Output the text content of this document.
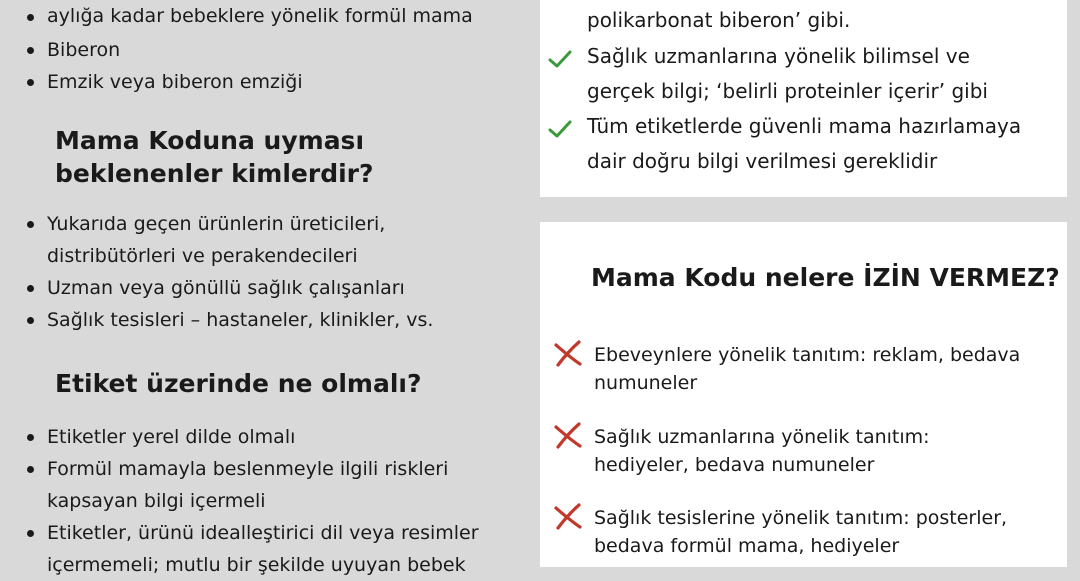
aylığa kadar bebeklere yönelik formül mama
Biberon
Emzik veya biberon emziği
Mama Koduna uyması
beklenenler kimlerdir?
Yukarıda geçen ürünlerin üreticileri,
distribütörleri ve perakendecileri
Uzman veya gönüllü sağlık çalışanları
Sağlık tesisleri – hastaneler, klinikler, vs.
Etiket üzerinde ne olmalı?
Etiketler yerel dilde olmalı
Formül mamayla beslenmeyle ilgili riskleri
kapsayan bilgi içermeli
Etiketler, ürünü idealleştirici dil veya resimler
içermemeli; mutlu bir şekilde uyuyan bebek
polikarbonat biberon’ gibi.
Sağlık uzmanlarına yönelik bilimsel ve
gerçek bilgi; ‘belirli proteinler içerir’ gibi
Tüm etiketlerde güvenli mama hazırlamaya
dair doğru bilgi verilmesi gereklidir
Mama Kodu nelere İZİN VERMEZ?
Ebeveynlere yönelik tanıtım: reklam, bedava
numuneler
Sağlık uzmanlarına yönelik tanıtım:
hediyeler, bedava numuneler
Sağlık tesislerine yönelik tanıtım: posterler,
bedava formül mama, hediyeler
